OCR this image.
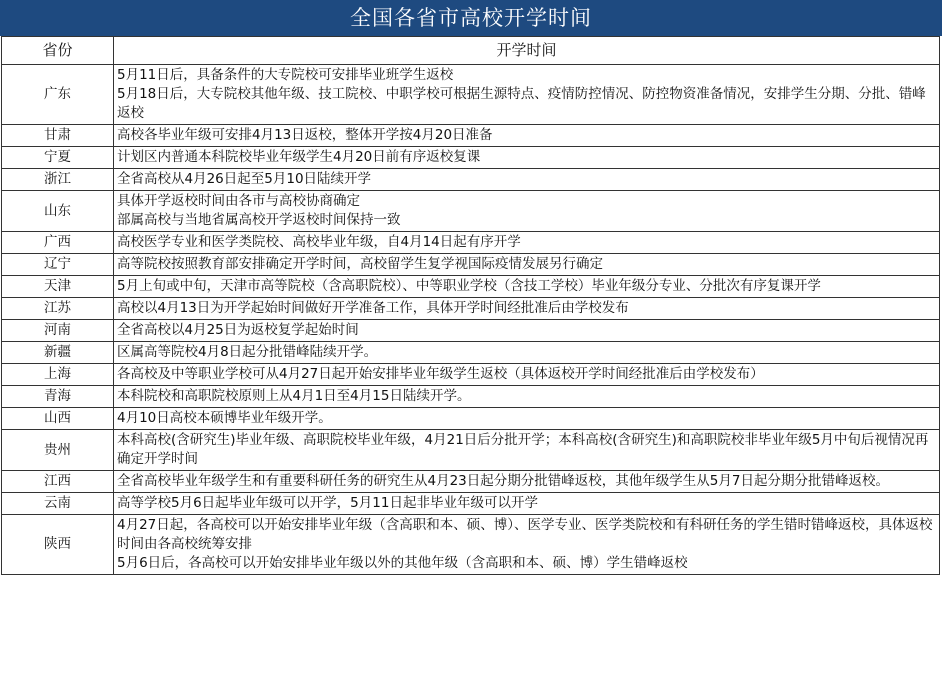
全国各省市高校开学时间
省份	开学时间
广东	5月11日后，具备条件的大专院校可安排毕业班学生返校
5月18日后，大专院校其他年级、技工院校、中职学校可根据生源特点、疫情防控情况、防控物资准备情况，安排学生分期、分批、错峰返校

甘肃	高校各毕业年级可安排4月13日返校，整体开学按4月20日准备

宁夏	计划区内普通本科院校毕业年级学生4月20日前有序返校复课

浙江	全省高校从4月26日起至5月10日陆续开学

山东	具体开学返校时间由各市与高校协商确定
部属高校与当地省属高校开学返校时间保持一致

广西	高校医学专业和医学类院校、高校毕业年级，自4月14日起有序开学

辽宁	高等院校按照教育部安排确定开学时间，高校留学生复学视国际疫情发展另行确定

天津	5月上旬或中旬，天津市高等院校（含高职院校）、中等职业学校（含技工学校）毕业年级分专业、分批次有序复课开学

江苏	高校以4月13日为开学起始时间做好开学准备工作，具体开学时间经批准后由学校发布

河南	全省高校以4月25日为返校复学起始时间

新疆	区属高等院校4月8日起分批错峰陆续开学。

上海	各高校及中等职业学校可从4月27日起开始安排毕业年级学生返校（具体返校开学时间经批准后由学校发布）

青海	本科院校和高职院校原则上从4月1日至4月15日陆续开学。

山西	4月10日高校本硕博毕业年级开学。

贵州	本科高校(含研究生)毕业年级、高职院校毕业年级，4月21日后分批开学；本科高校(含研究生)和高职院校非毕业年级5月中旬后视情况再确定开学时间

江西	全省高校毕业年级学生和有重要科研任务的研究生从4月23日起分期分批错峰返校，其他年级学生从5月7日起分期分批错峰返校。

云南	高等学校5月6日起毕业年级可以开学，5月11日起非毕业年级可以开学

陕西	4月27日起，各高校可以开始安排毕业年级（含高职和本、硕、博）、医学专业、医学类院校和有科研任务的学生错时错峰返校，具体返校时间由各高校统筹安排
5月6日后，各高校可以开始安排毕业年级以外的其他年级（含高职和本、硕、博）学生错峰返校
